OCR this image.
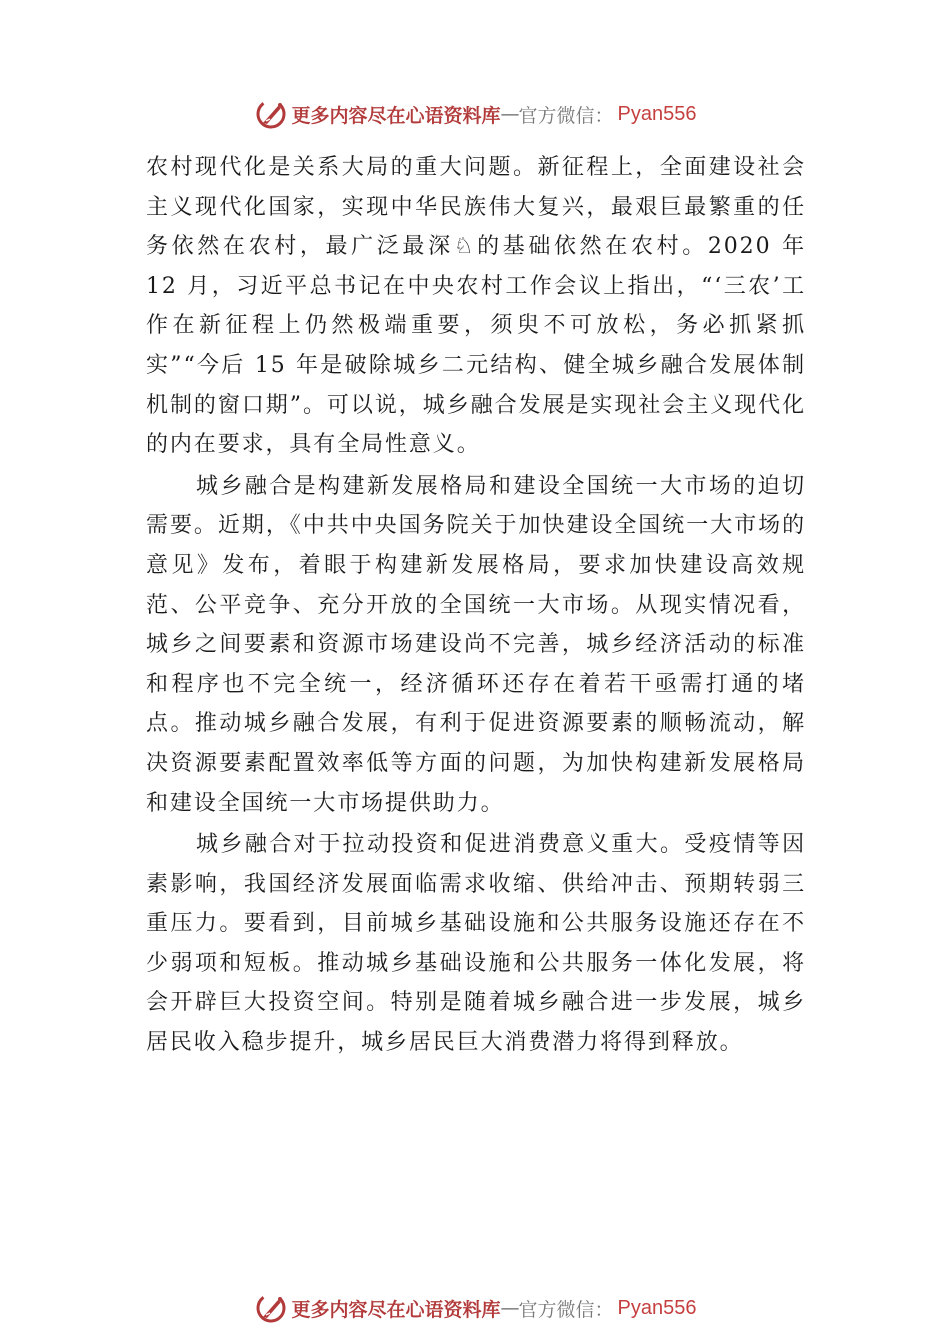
更多内容尽在心语资料库 — 官方微信： Pyan556

农村现代化是关系大局的重大问题。新征程上，全面建设社会主义现代化国家，实现中华民族伟大复兴，最艰巨最繁重的任务依然在农村，最广泛最深♘的基础依然在农村。2020 年 12 月，习近平总书记在中央农村工作会议上指出，“‘三农’工作在新征程上仍然极端重要，须臾不可放松，务必抓紧抓实”“今后 15 年是破除城乡二元结构、健全城乡融合发展体制机制的窗口期”。可以说，城乡融合发展是实现社会主义现代化的内在要求，具有全局性意义。

城乡融合是构建新发展格局和建设全国统一大市场的迫切需要。近期，《中共中央国务院关于加快建设全国统一大市场的意见》发布，着眼于构建新发展格局，要求加快建设高效规范、公平竞争、充分开放的全国统一大市场。从现实情况看，城乡之间要素和资源市场建设尚不完善，城乡经济活动的标准和程序也不完全统一，经济循环还存在着若干亟需打通的堵点。推动城乡融合发展，有利于促进资源要素的顺畅流动，解决资源要素配置效率低等方面的问题，为加快构建新发展格局和建设全国统一大市场提供助力。

城乡融合对于拉动投资和促进消费意义重大。受疫情等因素影响，我国经济发展面临需求收缩、供给冲击、预期转弱三重压力。要看到，目前城乡基础设施和公共服务设施还存在不少弱项和短板。推动城乡基础设施和公共服务一体化发展，将会开辟巨大投资空间。特别是随着城乡融合进一步发展，城乡居民收入稳步提升，城乡居民巨大消费潜力将得到释放。

更多内容尽在心语资料库 — 官方微信： Pyan556
